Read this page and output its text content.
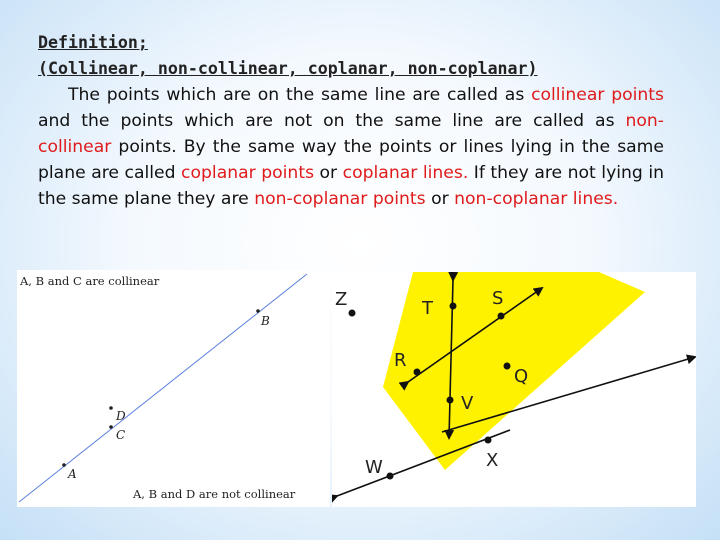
Definition;
(Collinear, non-collinear, coplanar, non-coplanar)
The points which are on the same line are called as collinear points and the points which are not on the same line are called as non-collinear points. By the same way the points or lines lying in the same plane are called coplanar points or coplanar lines. If they are not lying in the same plane they are non-coplanar points or non-coplanar lines.
A, B and C are collinear
A, B and D are not collinear
B
D
C
A
Z	T	S
R
Q
V
W	X
